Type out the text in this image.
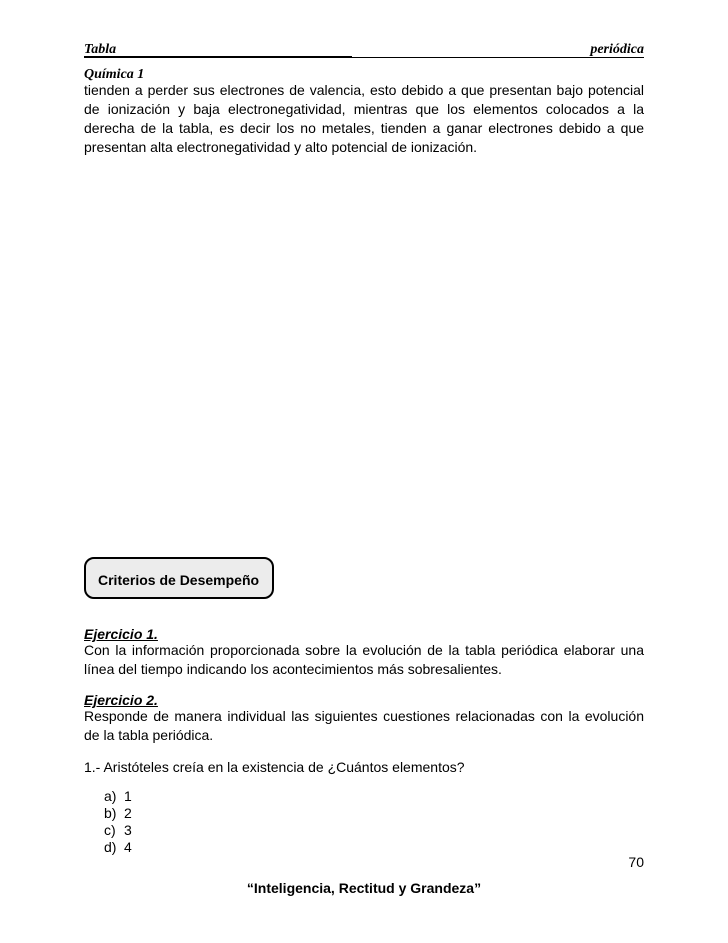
Tabla	periódica
Química 1

tienden a perder sus electrones de valencia, esto debido a que presentan bajo potencial de ionización y baja electronegatividad, mientras que los elementos colocados a la derecha de la tabla, es decir los no metales, tienden a ganar electrones debido a que presentan alta electronegatividad y alto potencial de ionización.

Criterios de Desempeño
Ejercicio 1.

Con la información proporcionada sobre la evolución de la tabla periódica elaborar una línea del tiempo indicando los acontecimientos más sobresalientes.

Ejercicio 2.

Responde de manera individual las siguientes cuestiones relacionadas con la evolución de la tabla periódica.

1.- Aristóteles creía en la existencia de ¿Cuántos elementos?
a) 1
b) 2
c) 3
d) 4
70
“Inteligencia, Rectitud y Grandeza”
